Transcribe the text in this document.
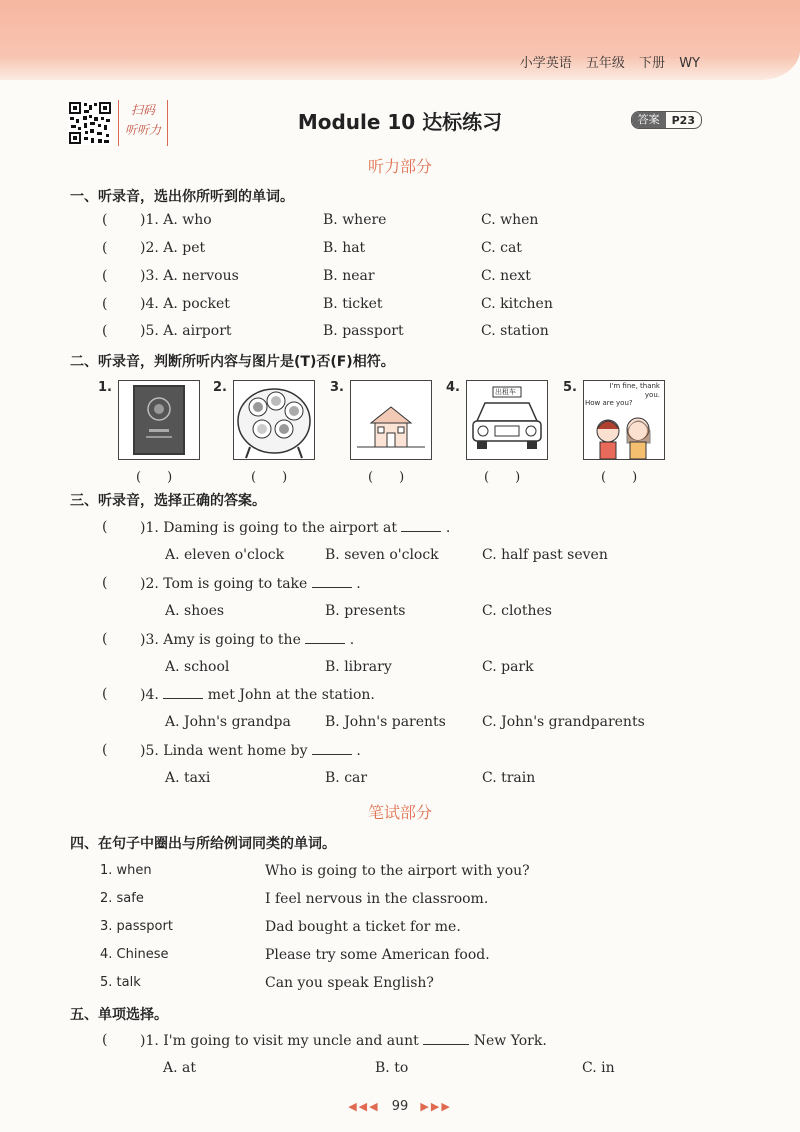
小学英语 五年级 下册 WY
扫码
听听力	Module 10 达标练习	答案	P23
听力部分
一、听录音，选出你所听到的单词。
( )1. A. who	B. where	C. when
( )2. A. pet	B. hat	C. cat
( )3. A. nervous	B. near	C. next
( )4. A. pocket	B. ticket	C. kitchen
( )5. A. airport	B. passport	C. station
二、听录音，判断所听内容与图片是(T)否(F)相符。
1.
(　　)
2.
(　　)
3.
(　　)
4.	出租车
(　　)
5.	I'm fine, thank you.
How are you?
(　　)
三、听录音，选择正确的答案。
( )1. Daming is going to the airport at	.
A. eleven o'clock	B. seven o'clock	C. half past seven
( )2. Tom is going to take	.
A. shoes	B. presents	C. clothes
( )3. Amy is going to the	.
A. school	B. library	C. park
( )4.	met John at the station.
A. John's grandpa B. John's parents	C. John's grandparents
( )5. Linda went home by	.
A. taxi	B. car	C. train
笔试部分
四、在句子中圈出与所给例词同类的单词。
1. when	Who is going to the airport with you?
2. safe	I feel nervous in the classroom.
3. passport	Dad bought a ticket for me.
4. Chinese	Please try some American food.
5. talk	Can you speak English?
五、单项选择。
( )1. I'm going to visit my uncle and aunt	New York.
A. at	B. to	C. in
◀◀◀ 99 ▶▶▶
